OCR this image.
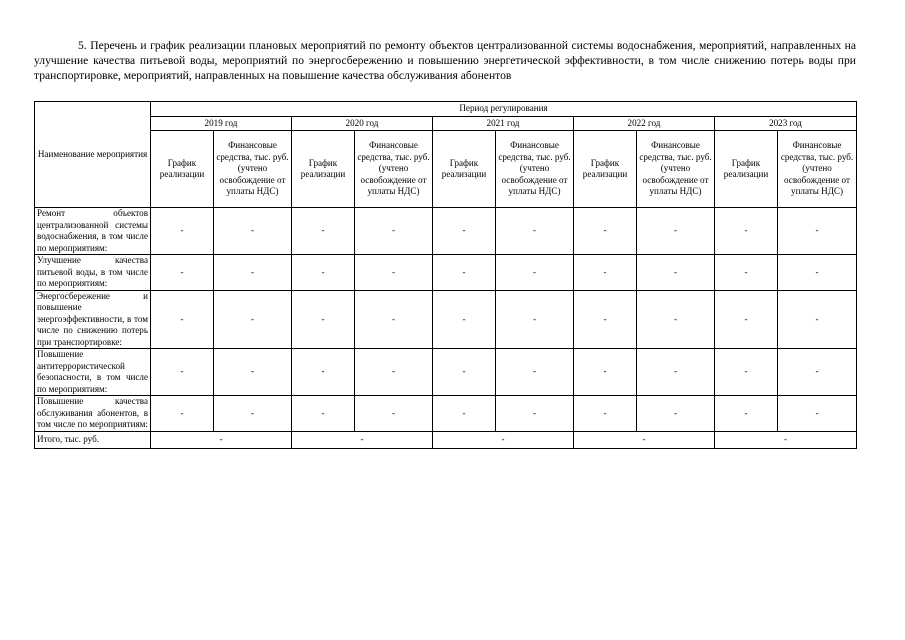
5. Перечень и график реализации плановых мероприятий по ремонту объектов централизованной системы водоснабжения, мероприятий, направленных на улучшение качества питьевой воды, мероприятий по энергосбережению и повышению энергетической эффективности, в том числе снижению потерь воды при транспортировке, мероприятий, направленных на повышение качества обслуживания абонентов
Наименование мероприятия	Период регулирования									
	2019 год		2020 год		2021 год		2022 год		2023 год	
	График реализации	Финансовые средства, тыс. руб. (учтено освобождение от уплаты НДС)	График реализации	Финансовые средства, тыс. руб. (учтено освобождение от уплаты НДС)	График реализации	Финансовые средства, тыс. руб. (учтено освобождение от уплаты НДС)	График реализации	Финансовые средства, тыс. руб. (учтено освобождение от уплаты НДС)	График реализации	Финансовые средства, тыс. руб. (учтено освобождение от уплаты НДС)
Ремонт объектов централизованной системы водоснабжения, в том числе по мероприятиям:	-	-	-	-	-	-	-	-	-	-
Улучшение качества питьевой воды, в том числе по мероприятиям:	-	-	-	-	-	-	-	-	-	-
Энергосбережение и повышение энергоэффективности, в том числе по снижению потерь при транспортировке:	-	-	-	-	-	-	-	-	-	-
Повышение антитеррористической безопасности, в том числе по мероприятиям:	-	-	-	-	-	-	-	-	-	-
Повышение качества обслуживания абонентов, в том числе по мероприятиям:	-	-	-	-	-	-	-	-	-	-
Итого, тыс. руб.	-		-		-		-		-	
